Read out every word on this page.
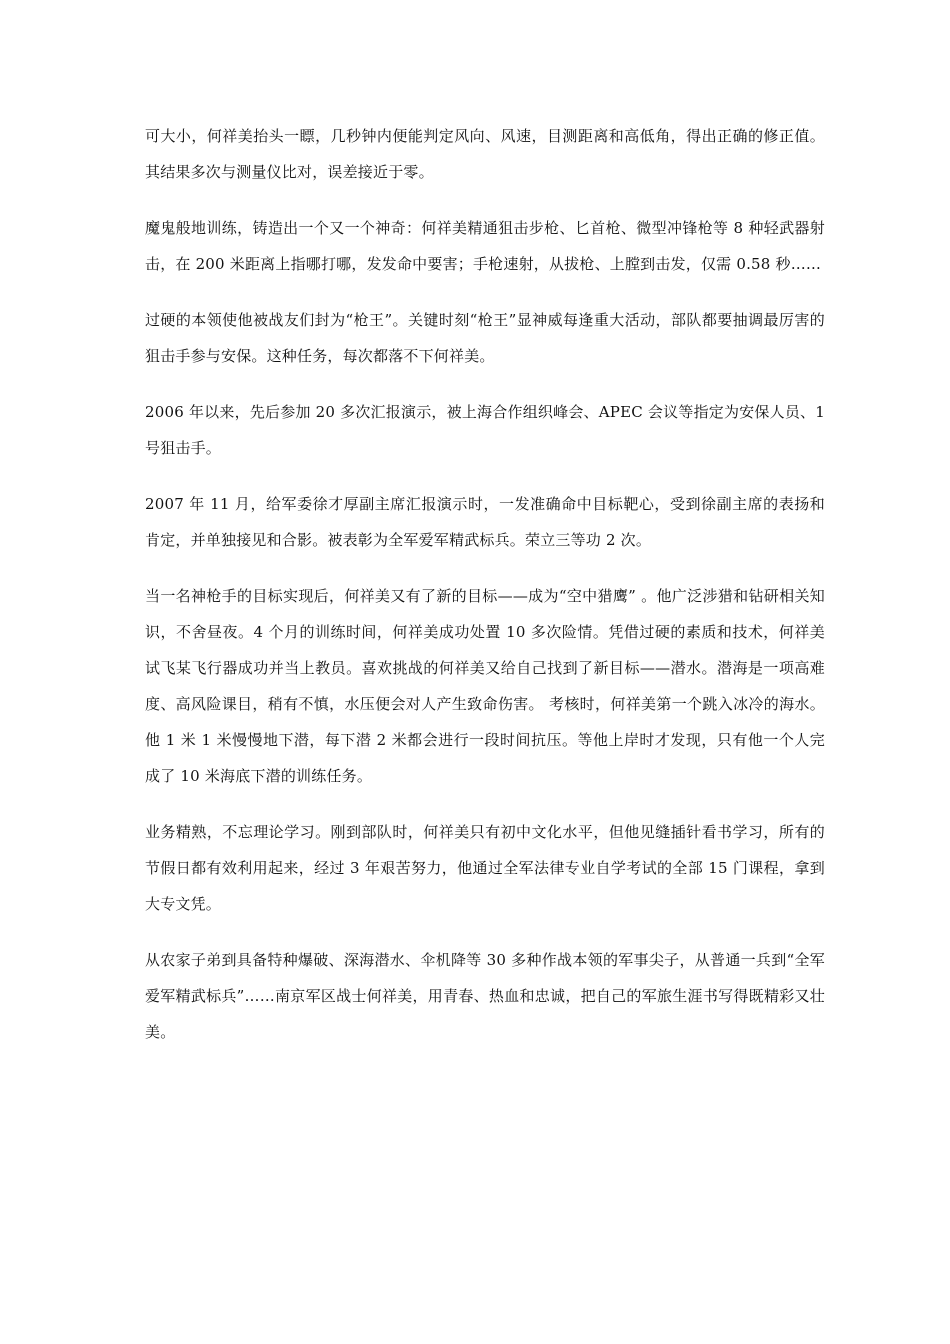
可大小，何祥美抬头一瞟，几秒钟内便能判定风向、风速，目测距离和高低角，得出正确的修正值。其结果多次与测量仪比对，误差接近于零。

魔鬼般地训练，铸造出一个又一个神奇：何祥美精通狙击步枪、匕首枪、微型冲锋枪等 8 种轻武器射击，在 200 米距离上指哪打哪，发发命中要害；手枪速射，从拔枪、上膛到击发，仅需 0.58 秒……

过硬的本领使他被战友们封为“枪王”。关键时刻“枪王”显神威每逢重大活动，部队都要抽调最厉害的狙击手参与安保。这种任务，每次都落不下何祥美。

2006 年以来，先后参加 20 多次汇报演示，被上海合作组织峰会、APEC 会议等指定为安保人员、1 号狙击手。

2007 年 11 月，给军委徐才厚副主席汇报演示时，一发准确命中目标靶心，受到徐副主席的表扬和肯定，并单独接见和合影。被表彰为全军爱军精武标兵。荣立三等功 2 次。

当一名神枪手的目标实现后，何祥美又有了新的目标——成为“空中猎鹰” 。他广泛涉猎和钻研相关知识，不舍昼夜。4 个月的训练时间，何祥美成功处置 10 多次险情。凭借过硬的素质和技术，何祥美试飞某飞行器成功并当上教员。喜欢挑战的何祥美又给自己找到了新目标——潜水。潜海是一项高难度、高风险课目，稍有不慎，水压便会对人产生致命伤害。 考核时，何祥美第一个跳入冰冷的海水。他 1 米 1 米慢慢地下潜，每下潜 2 米都会进行一段时间抗压。等他上岸时才发现，只有他一个人完成了 10 米海底下潜的训练任务。

业务精熟，不忘理论学习。刚到部队时，何祥美只有初中文化水平，但他见缝插针看书学习，所有的节假日都有效利用起来，经过 3 年艰苦努力，他通过全军法律专业自学考试的全部 15 门课程，拿到大专文凭。

从农家子弟到具备特种爆破、深海潜水、伞机降等 30 多种作战本领的军事尖子，从普通一兵到“全军爱军精武标兵”……南京军区战士何祥美，用青春、热血和忠诚，把自己的军旅生涯书写得既精彩又壮美。
